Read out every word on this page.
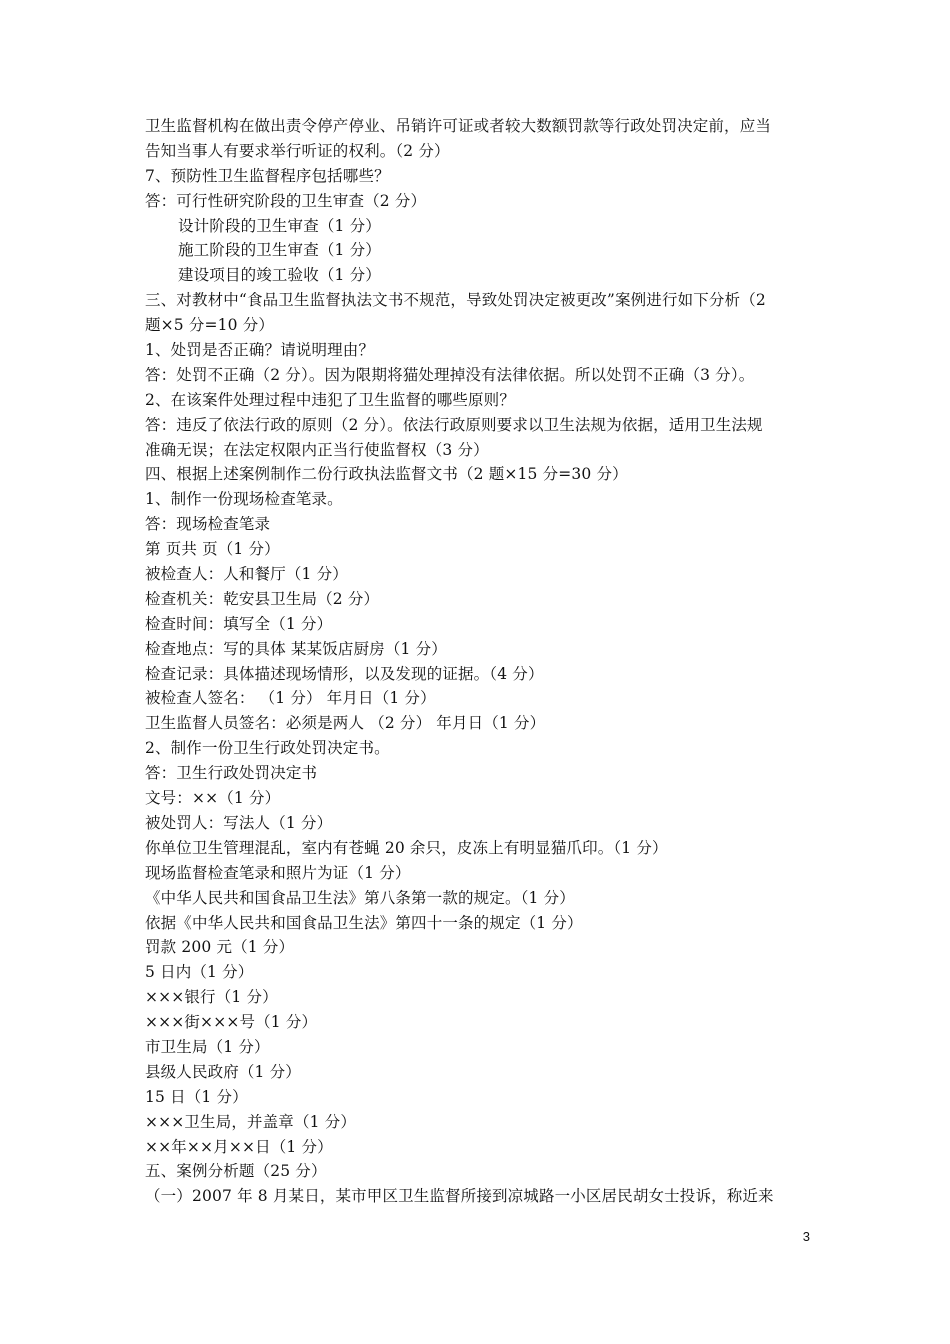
卫生监督机构在做出责令停产停业、吊销许可证或者较大数额罚款等行政处罚决定前，应当
告知当事人有要求举行听证的权利。（2 分）
7、预防性卫生监督程序包括哪些？
答：可行性研究阶段的卫生审查（2 分）
设计阶段的卫生审查（1 分）
施工阶段的卫生审查（1 分）
建设项目的竣工验收（1 分）
三、对教材中“食品卫生监督执法文书不规范，导致处罚决定被更改”案例进行如下分析（2
题×5 分=10 分）
1、处罚是否正确？请说明理由？
答：处罚不正确（2 分）。因为限期将猫处理掉没有法律依据。所以处罚不正确（3 分）。
2、在该案件处理过程中违犯了卫生监督的哪些原则？
答：违反了依法行政的原则（2 分）。依法行政原则要求以卫生法规为依据，适用卫生法规
准确无误；在法定权限内正当行使监督权（3 分）
四、根据上述案例制作二份行政执法监督文书（2 题×15 分=30 分）
1、制作一份现场检查笔录。
答：现场检查笔录
第 页共 页（1 分）
被检查人：人和餐厅（1 分）
检查机关：乾安县卫生局（2 分）
检查时间：填写全（1 分）
检查地点：写的具体 某某饭店厨房（1 分）
检查记录：具体描述现场情形，以及发现的证据。（4 分）
被检查人签名： （1 分） 年月日（1 分）
卫生监督人员签名：必须是两人 （2 分） 年月日（1 分）
2、制作一份卫生行政处罚决定书。
答：卫生行政处罚决定书
文号：××（1 分）
被处罚人：写法人（1 分）
你单位卫生管理混乱，室内有苍蝇 20 余只，皮冻上有明显猫爪印。（1 分）
现场监督检查笔录和照片为证（1 分）
《中华人民共和国食品卫生法》第八条第一款的规定。（1 分）
依据《中华人民共和国食品卫生法》第四十一条的规定（1 分）
罚款 200 元（1 分）
5 日内（1 分）
×××银行（1 分）
×××街×××号（1 分）
市卫生局（1 分）
县级人民政府（1 分）
15 日（1 分）
×××卫生局，并盖章（1 分）
××年××月××日（1 分）
五、案例分析题（25 分）
（一）2007 年 8 月某日，某市甲区卫生监督所接到凉城路一小区居民胡女士投诉，称近来
3
